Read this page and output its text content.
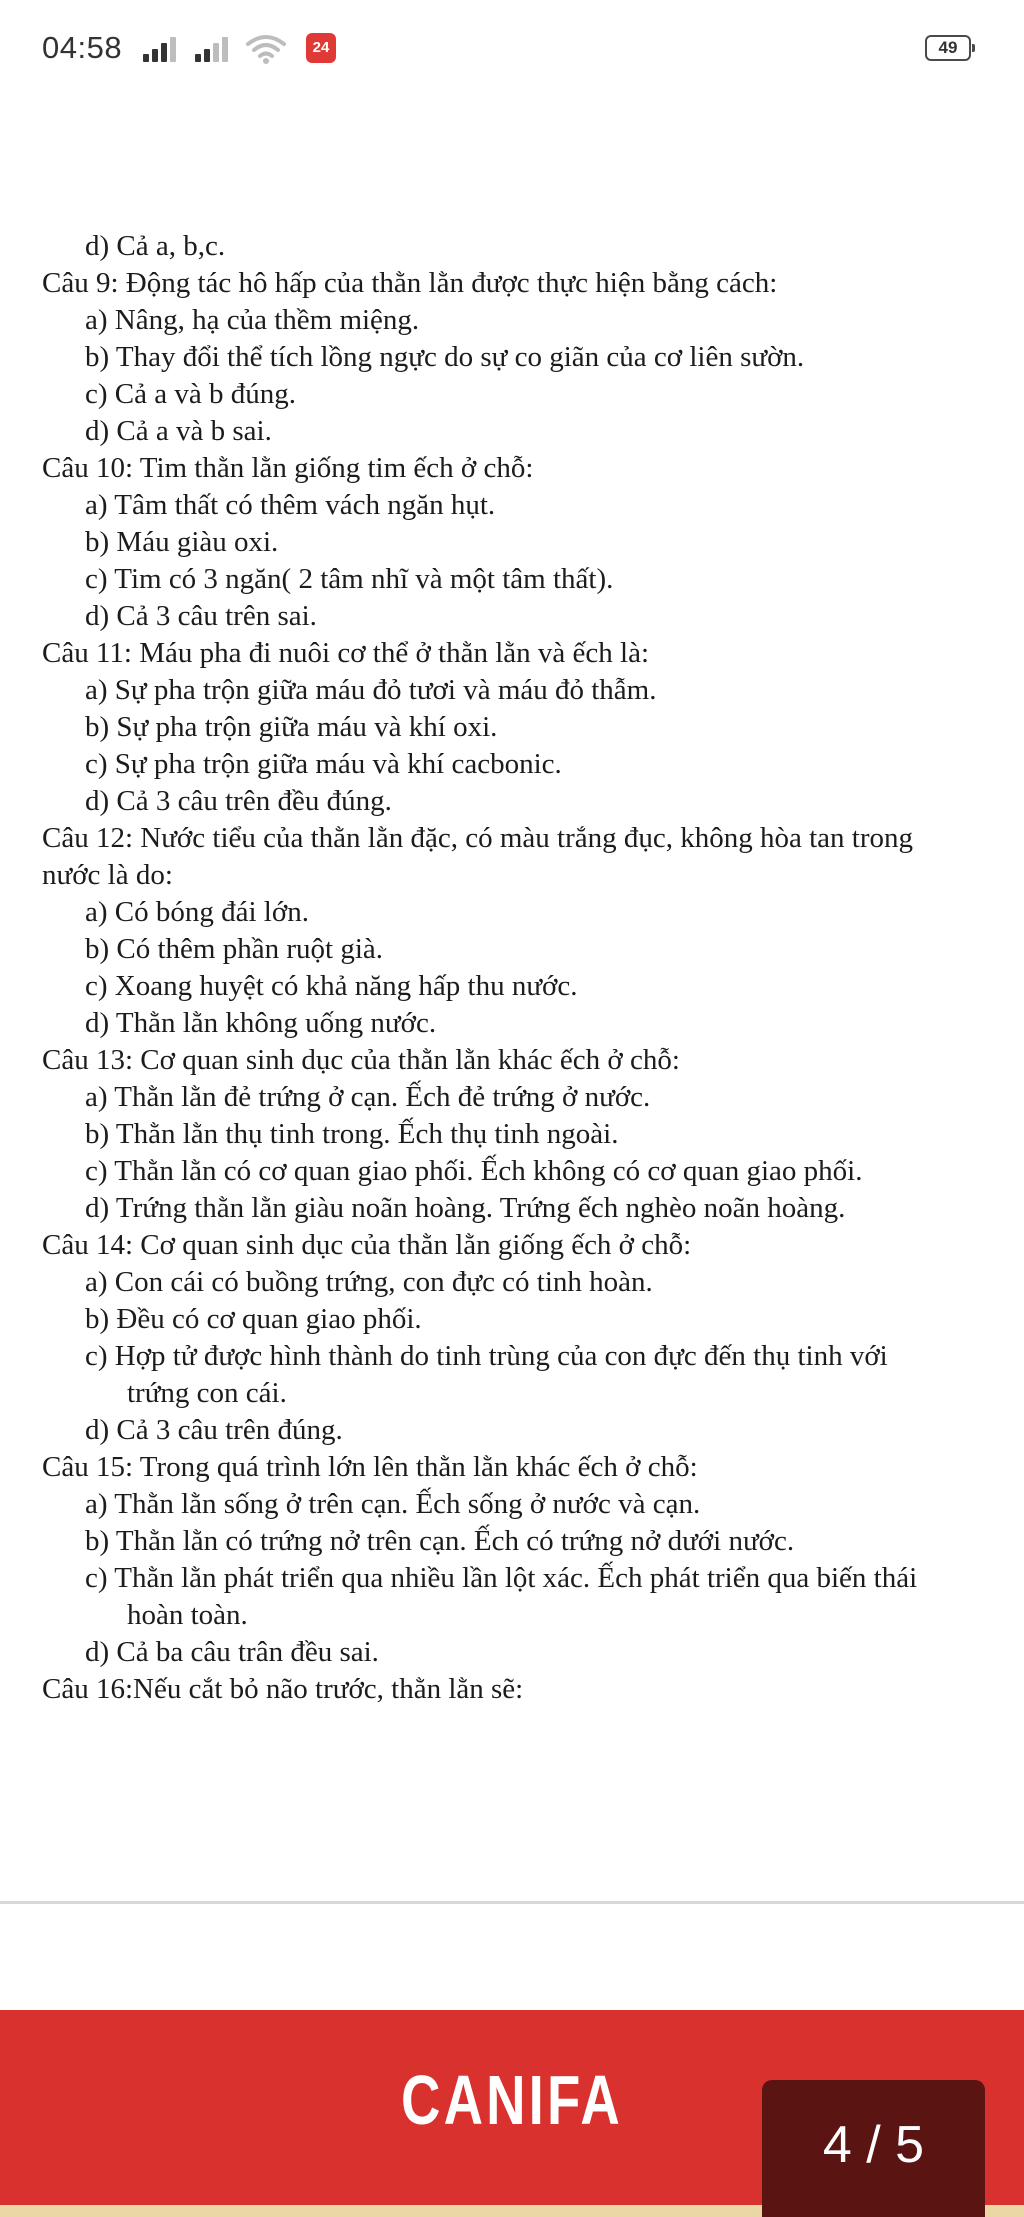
04:58	24	49
d) Cả a, b,c.
Câu 9: Động tác hô hấp của thằn lằn được thực hiện bằng cách:
a) Nâng, hạ của thềm miệng.
b) Thay đổi thể tích lồng ngực do sự co giãn của cơ liên sườn.
c) Cả a và b đúng.
d) Cả a và b sai.
Câu 10: Tim thằn lằn giống tim ếch ở chỗ:
a) Tâm thất có thêm vách ngăn hụt.
b) Máu giàu oxi.
c) Tim có 3 ngăn( 2 tâm nhĩ và một tâm thất).
d) Cả 3 câu trên sai.
Câu 11: Máu pha đi nuôi cơ thể ở thằn lằn và ếch là:
a) Sự pha trộn giữa máu đỏ tươi và máu đỏ thẫm.
b) Sự pha trộn giữa máu và khí oxi.
c) Sự pha trộn giữa máu và khí cacbonic.
d) Cả 3 câu trên đều đúng.
Câu 12: Nước tiểu của thằn lằn đặc, có màu trắng đục, không hòa tan trong
nước là do:
a) Có bóng đái lớn.
b) Có thêm phần ruột già.
c) Xoang huyệt có khả năng hấp thu nước.
d) Thằn lằn không uống nước.
Câu 13: Cơ quan sinh dục của thằn lằn khác ếch ở chỗ:
a) Thằn lằn đẻ trứng ở cạn. Ếch đẻ trứng ở nước.
b) Thằn lằn thụ tinh trong. Ếch thụ tinh ngoài.
c) Thằn lằn có cơ quan giao phối. Ếch không có cơ quan giao phối.
d) Trứng thằn lằn giàu noãn hoàng. Trứng ếch nghèo noãn hoàng.
Câu 14: Cơ quan sinh dục của thằn lằn giống ếch ở chỗ:
a) Con cái có buồng trứng, con đực có tinh hoàn.
b) Đều có cơ quan giao phối.
c) Hợp tử được hình thành do tinh trùng của con đực đến thụ tinh với
trứng con cái.
d) Cả 3 câu trên đúng.
Câu 15: Trong quá trình lớn lên thằn lằn khác ếch ở chỗ:
a) Thằn lằn sống ở trên cạn. Ếch sống ở nước và cạn.
b) Thằn lằn có trứng nở trên cạn. Ếch có trứng nở dưới nước.
c) Thằn lằn phát triển qua nhiều lần lột xác. Ếch phát triển qua biến thái
hoàn toàn.
d) Cả ba câu trân đều sai.
Câu 16:Nếu cắt bỏ não trước, thằn lằn sẽ:
CANIFA
4 / 5
